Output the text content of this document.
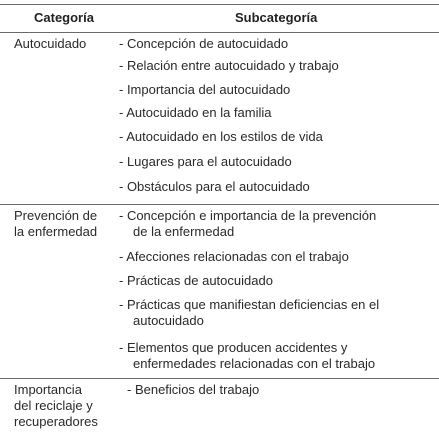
Categoría	Subcategoría
Autocuidado	- Concepción de autocuidado
- Relación entre autocuidado y trabajo
- Importancia del autocuidado
- Autocuidado en la familia
- Autocuidado en los estilos de vida
- Lugares para el autocuidado
- Obstáculos para el autocuidado
Prevención de
la enfermedad
- Concepción e importancia de la prevención
de la enfermedad
- Afecciones relacionadas con el trabajo
- Prácticas de autocuidado
- Prácticas que manifiestan deficiencias en el
autocuidado
- Elementos que producen accidentes y
enfermedades relacionadas con el trabajo
Importancia
del reciclaje y
recuperadores
- Beneficios del trabajo
